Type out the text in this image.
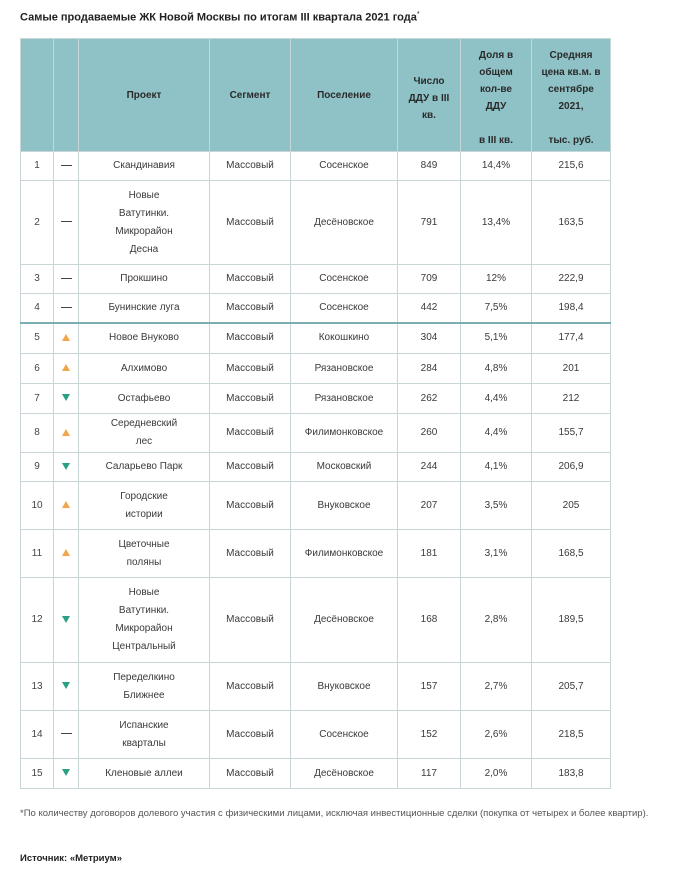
Самые продаваемые ЖК Новой Москвы по итогам III квартала 2021 года*
		Проект	Сегмент	Поселение	Число
ДДУ в III
кв.	Доля в
общем
кол-ве
ДДУ

в III кв.	Средняя
цена кв.м. в
сентябре
2021,

тыс. руб.
1		Скандинавия	Массовый	Сосенское	849	14,4%	215,6
2		Новые
Ватутинки.
Микрорайон
Десна	Массовый	Десёновское	791	13,4%	163,5
3		Прокшино	Массовый	Сосенское	709	12%	222,9
4		Бунинские луга	Массовый	Сосенское	442	7,5%	198,4
5		Новое Внуково	Массовый	Кокошкино	304	5,1%	177,4
6		Алхимово	Массовый	Рязановское	284	4,8%	201
7		Остафьево	Массовый	Рязановское	262	4,4%	212
8		Середневский
лес	Массовый	Филимонковское	260	4,4%	155,7
9		Саларьево Парк	Массовый	Московский	244	4,1%	206,9
10		Городские
истории	Массовый	Внуковское	207	3,5%	205
11		Цветочные
поляны	Массовый	Филимонковское	181	3,1%	168,5
12		Новые
Ватутинки.
Микрорайон
Центральный	Массовый	Десёновское	168	2,8%	189,5
13		Переделкино
Ближнее	Массовый	Внуковское	157	2,7%	205,7
14		Испанские
кварталы	Массовый	Сосенское	152	2,6%	218,5
15		Кленовые аллеи	Массовый	Десёновское	117	2,0%	183,8
*По количеству договоров долевого участия с физическими лицами, исключая инвестиционные сделки (покупка от четырех и более квартир).
Источник: «Метриум»
